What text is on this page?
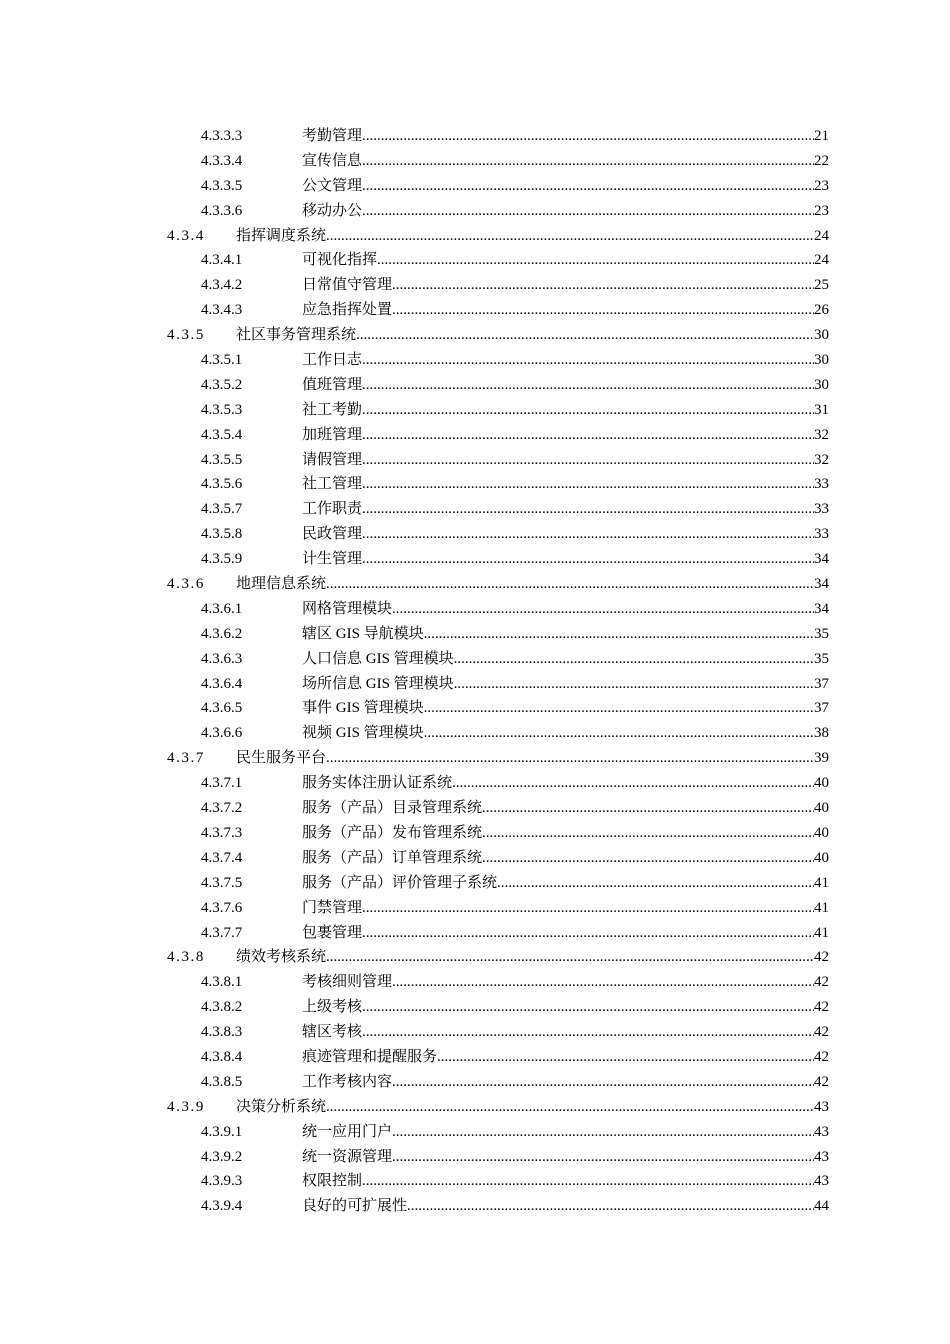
4.3.3.3	考勤管理 .....	21
4.3.3.4	宣传信息 .....	22
4.3.3.5	公文管理 .....	23
4.3.3.6	移动办公 .....	23
4.3.4 指挥调度系统 .....	24
4.3.4.1	可视化指挥 .....	24
4.3.4.2	日常值守管理 .....	25
4.3.4.3	应急指挥处置 .....	26
4.3.5 社区事务管理系统 .....	30
4.3.5.1	工作日志 .....	30
4.3.5.2	值班管理 .....	30
4.3.5.3	社工考勤 .....	31
4.3.5.4	加班管理 .....	32
4.3.5.5	请假管理 .....	32
4.3.5.6	社工管理 .....	33
4.3.5.7	工作职责 .....	33
4.3.5.8	民政管理 .....	33
4.3.5.9	计生管理 .....	34
4.3.6 地理信息系统 .....	34
4.3.6.1	网格管理模块 .....	34
4.3.6.2	辖区 GIS 导航模块 .....	35
4.3.6.3	人口信息 GIS 管理模块 .....	35
4.3.6.4	场所信息 GIS 管理模块 .....	37
4.3.6.5	事件 GIS 管理模块 .....	37
4.3.6.6	视频 GIS 管理模块 .....	38
4.3.7 民生服务平台 .....	39
4.3.7.1	服务实体注册认证系统 .....	40
4.3.7.2	服务（产品）目录管理系统 .....	40
4.3.7.3	服务（产品）发布管理系统 .....	40
4.3.7.4	服务（产品）订单管理系统 .....	40
4.3.7.5	服务（产品）评价管理子系统 .....	41
4.3.7.6	门禁管理 .....	41
4.3.7.7	包裹管理 .....	41
4.3.8 绩效考核系统 .....	42
4.3.8.1	考核细则管理 .....	42
4.3.8.2	上级考核 .....	42
4.3.8.3	辖区考核 .....	42
4.3.8.4	痕迹管理和提醒服务 .....	42
4.3.8.5	工作考核内容 .....	42
4.3.9 决策分析系统 .....	43
4.3.9.1	统一应用门户 .....	43
4.3.9.2	统一资源管理 .....	43
4.3.9.3	权限控制 .....	43
4.3.9.4	良好的可扩展性 .....	44
